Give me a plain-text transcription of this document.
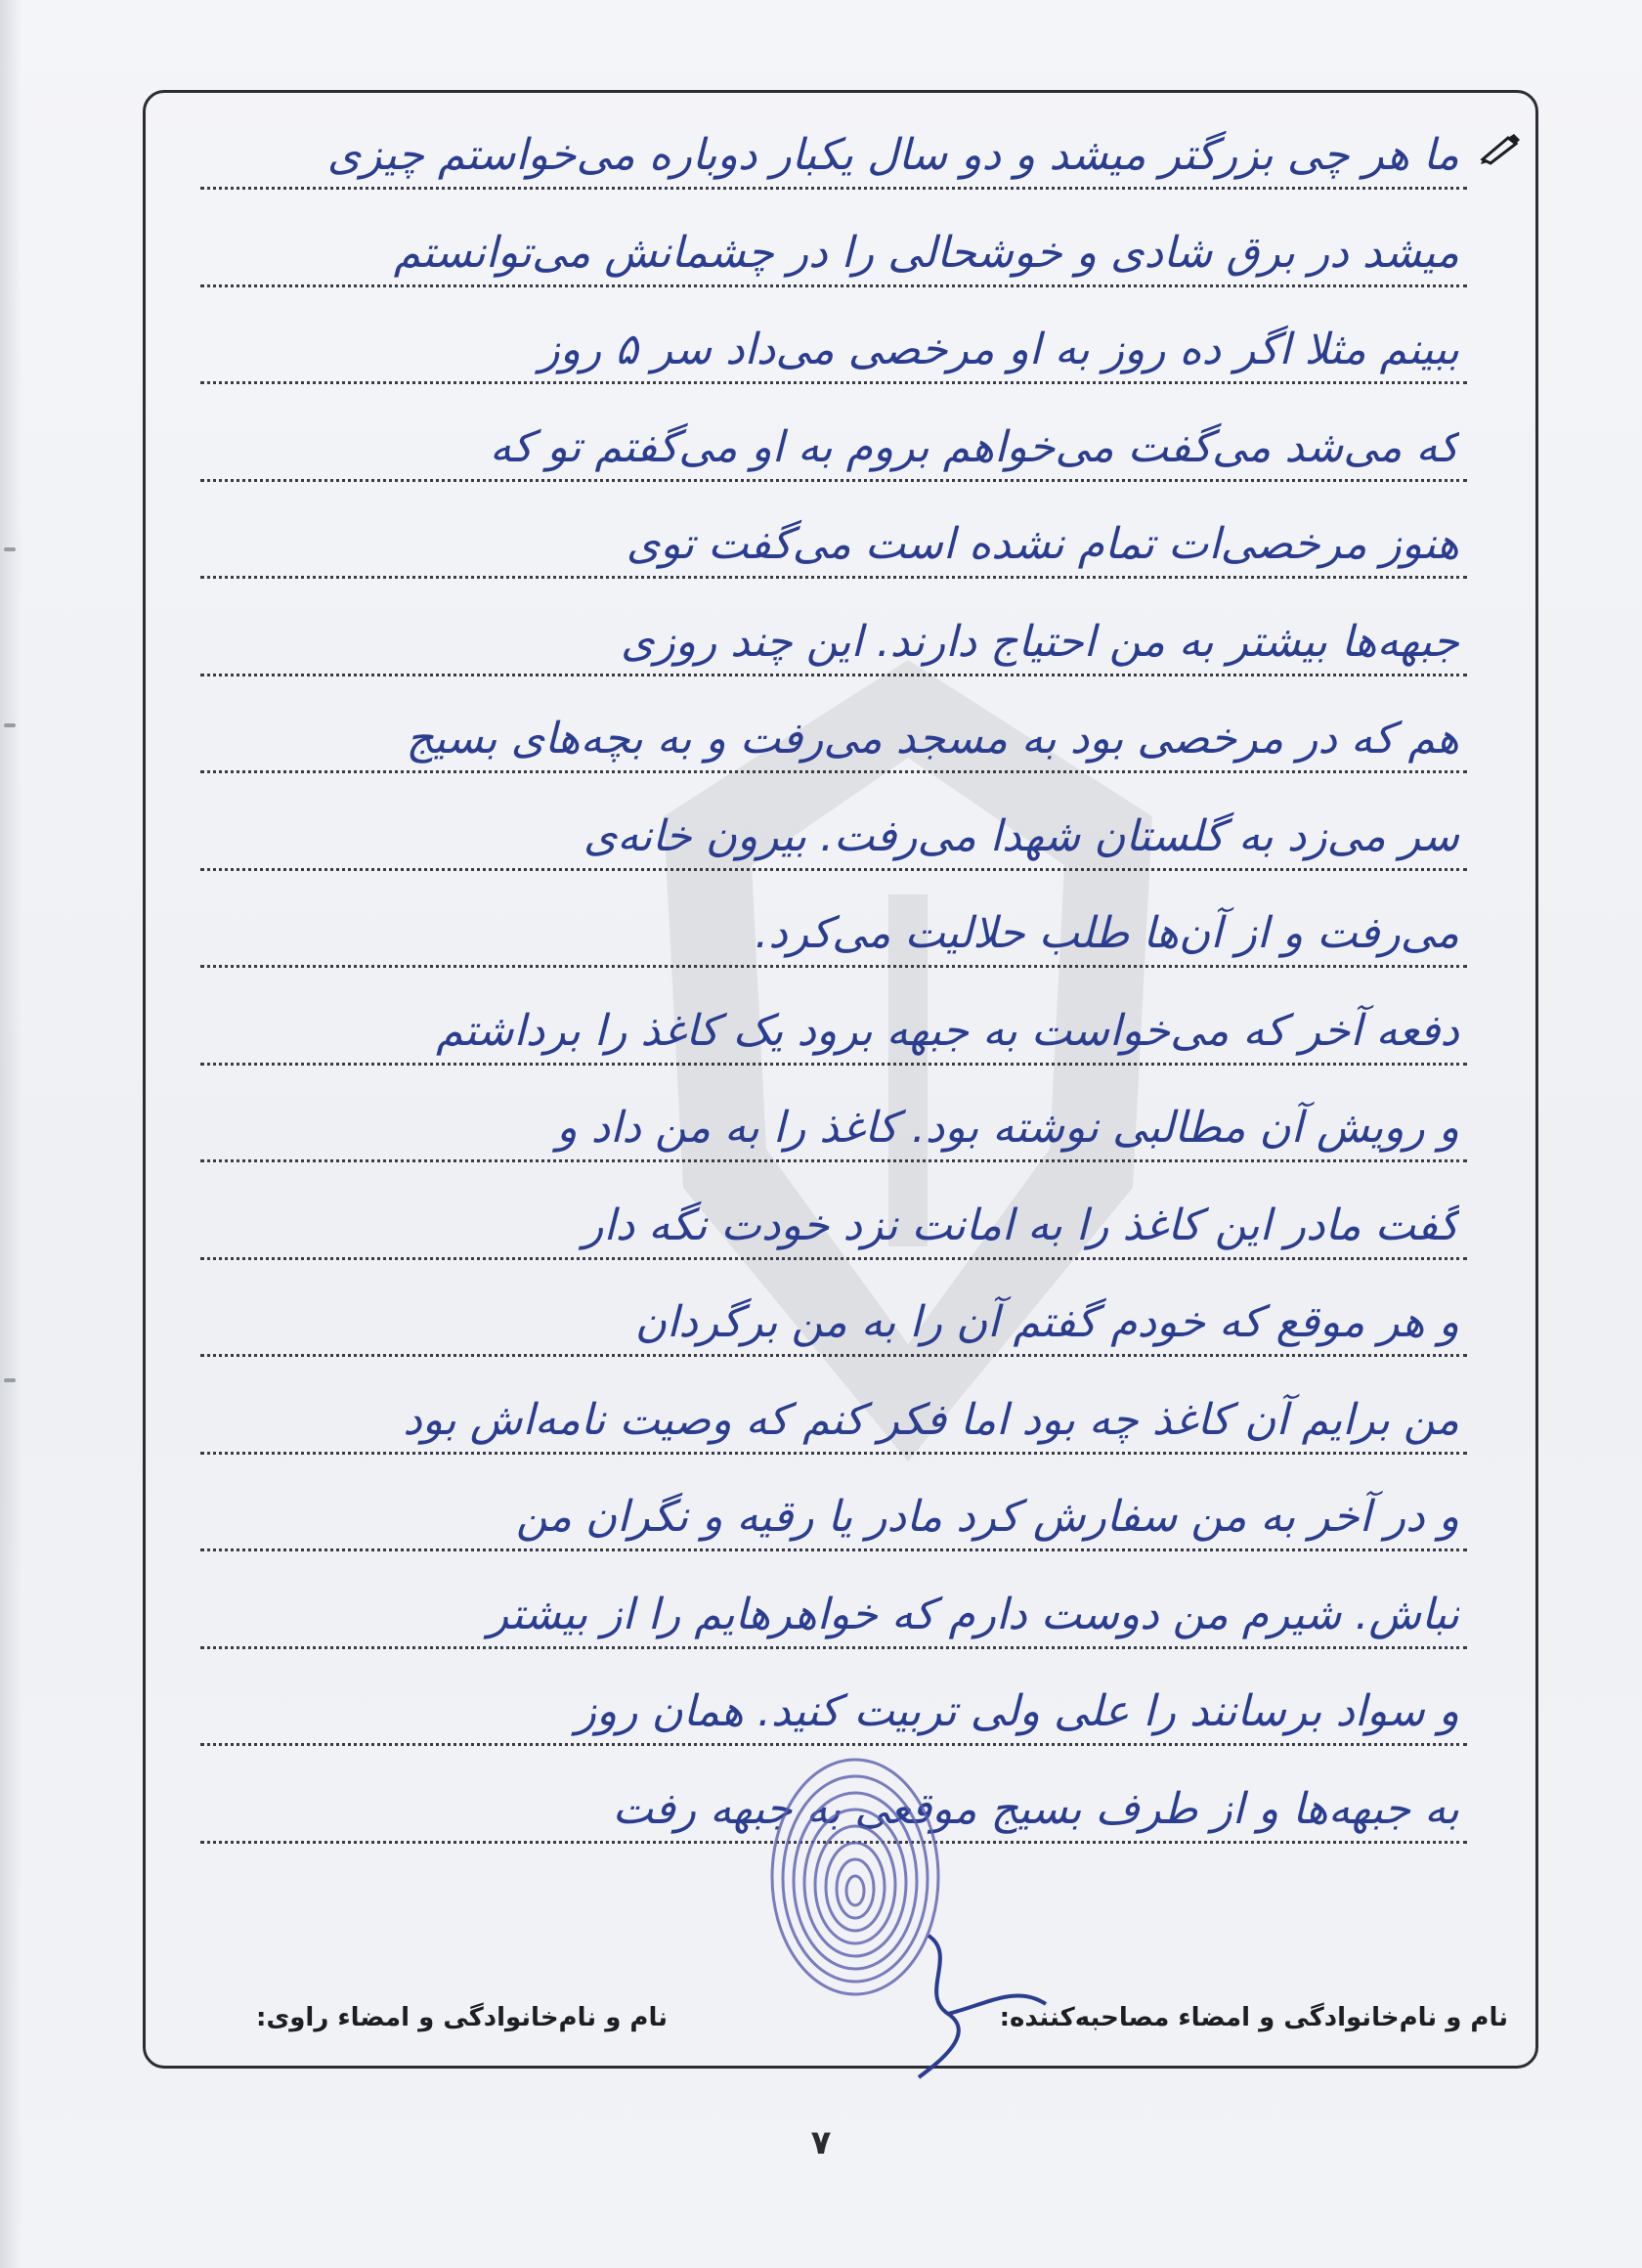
ما هر چی بزرگتر میشد و دو سال یکبار دوباره می‌خواستم چیزی
میشد در برق شادی و خوشحالی را در چشمانش می‌توانستم
ببینم مثلا اگر ده روز به او مرخصی می‌داد سر ۵ روز
که می‌شد می‌گفت می‌خواهم بروم به او می‌گفتم تو که
هنوز مرخصی‌ات تمام نشده است می‌گفت توی
جبهه‌ها بیشتر به من احتیاج دارند. این چند روزی
هم که در مرخصی بود به مسجد می‌رفت و به بچه‌های بسیج
سر می‌زد به گلستان شهدا می‌رفت. بیرون خانه‌ی
می‌رفت و از آن‌ها طلب حلالیت می‌کرد.
دفعه آخر که می‌خواست به جبهه برود یک کاغذ را برداشتم
و رویش آن مطالبی نوشته بود. کاغذ را به من داد و
گفت مادر این کاغذ را به امانت نزد خودت نگه دار
و هر موقع که خودم گفتم آن را به من برگردان
من برایم آن کاغذ چه بود اما فکر کنم که وصیت نامه‌اش بود
و در آخر به من سفارش کرد مادر یا رقیه و نگران من
نباش. شیرم من دوست دارم که خواهرهایم را از بیشتر
و سواد برسانند را علی ولی تربیت کنید. همان روز
به جبهه‌ها و از طرف بسیج موقعی به جبهه رفت
نام و نام‌خانوادگی و امضاء مصاحبه‌کننده:
نام و نام‌خانوادگی و امضاء راوی:
۷
